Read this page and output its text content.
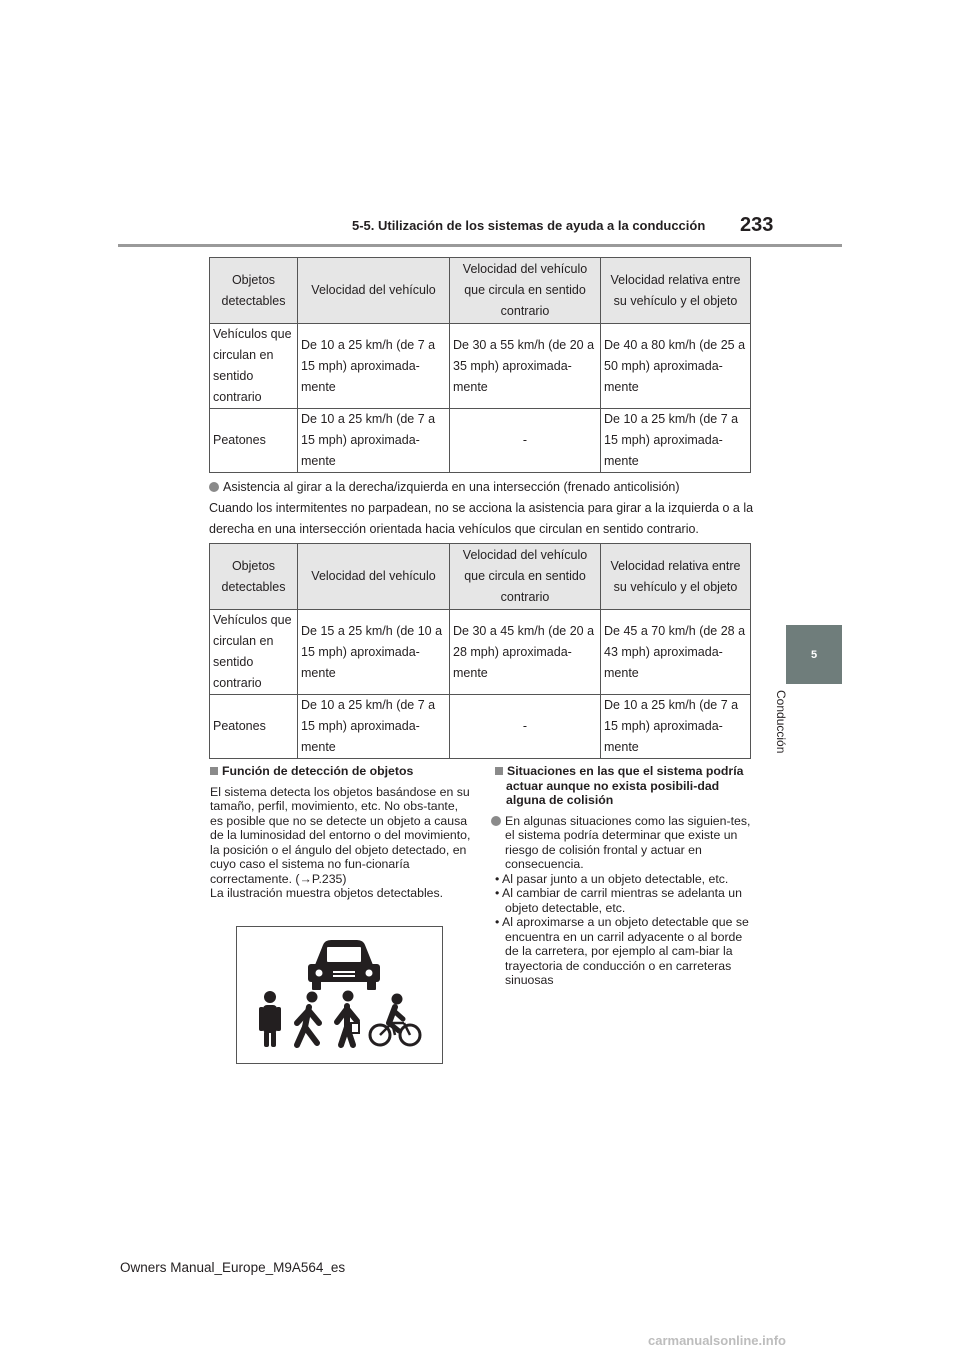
5-5. Utilización de los sistemas de ayuda a la conducción 233
5
Conducción
Objetos detectables	Velocidad del vehículo	Velocidad del vehículo que circula en sentido contrario	Velocidad relativa entre su vehículo y el objeto
Vehículos que circulan en sentido contrario	De 10 a 25 km/h (de 7 a 15 mph) aproximada-mente	De 30 a 55 km/h (de 20 a 35 mph) aproximada-mente	De 40 a 80 km/h (de 25 a 50 mph) aproximada-mente
Peatones	De 10 a 25 km/h (de 7 a 15 mph) aproximada-mente	-	De 10 a 25 km/h (de 7 a 15 mph) aproximada-mente
Asistencia al girar a la derecha/izquierda en una intersección (frenado anticolisión)
Cuando los intermitentes no parpadean, no se acciona la asistencia para girar a la izquierda o a la derecha en una intersección orientada hacia vehículos que circulan en sentido contrario.
Objetos detectables	Velocidad del vehículo	Velocidad del vehículo que circula en sentido contrario	Velocidad relativa entre su vehículo y el objeto
Vehículos que circulan en sentido contrario	De 15 a 25 km/h (de 10 a 15 mph) aproximada-mente	De 30 a 45 km/h (de 20 a 28 mph) aproximada-mente	De 45 a 70 km/h (de 28 a 43 mph) aproximada-mente
Peatones	De 10 a 25 km/h (de 7 a 15 mph) aproximada-mente	-	De 10 a 25 km/h (de 7 a 15 mph) aproximada-mente

Función de detección de objetos

El sistema detecta los objetos basándose en su tamaño, perfil, movimiento, etc. No obs-tante, es posible que no se detecte un objeto a causa de la luminosidad del entorno o del movimiento, la posición o el ángulo del objeto detectado, en cuyo caso el sistema no fun-cionaría correctamente. (→P.235)

La ilustración muestra objetos detectables.

Situaciones en las que el sistema podría actuar aunque no exista posibili-dad alguna de colisión

En algunas situaciones como las siguien-tes, el sistema podría determinar que existe un riesgo de colisión frontal y actuar en consecuencia.

• Al pasar junto a un objeto detectable, etc.

• Al cambiar de carril mientras se adelanta un objeto detectable, etc.

• Al aproximarse a un objeto detectable que se encuentra en un carril adyacente o al borde de la carretera, por ejemplo al cam-biar la trayectoria de conducción o en carreteras sinuosas

Owners Manual_Europe_M9A564_es
carmanualsonline.info
